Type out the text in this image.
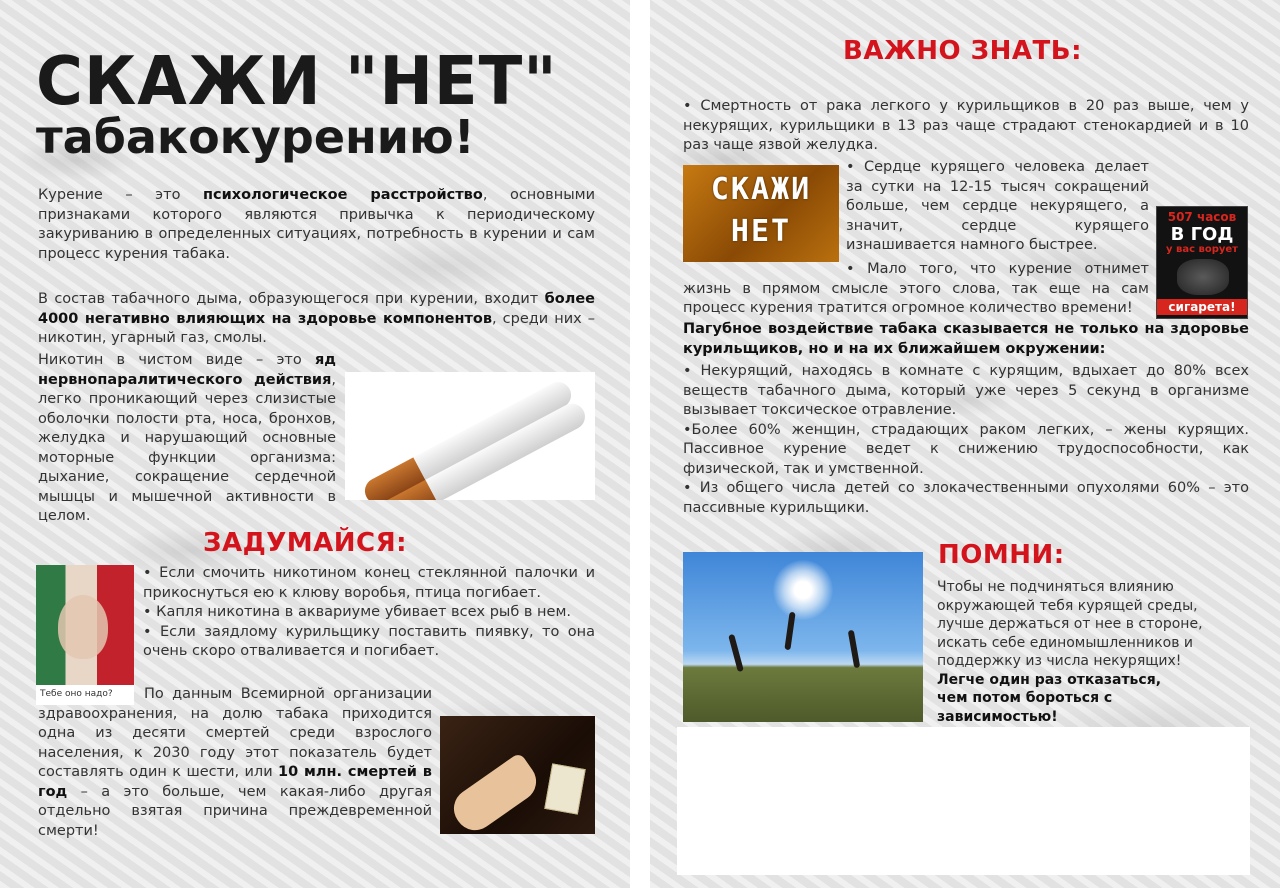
СКАЖИ "НЕТ"
табакокурению!
Курение – это психологическое расстройство, основными признаками которого являются привычка к периодическому закуриванию в определенных ситуациях, потребность в курении и сам процесс курения табака.
В состав табачного дыма, образующегося при курении, входит более 4000 негативно влияющих на здоровье компонентов, среди них – никотин, угарный газ, смолы.
Никотин в чистом виде – это яд нервнопаралитического действия, легко проникающий через слизистые оболочки полости рта, носа, бронхов, желудка и нарушающий основные моторные функции организма: дыхание, сокращение сердечной мышцы и мышечной активности в целом.
ЗАДУМАЙСЯ:
Тебе оно надо?
• Если смочить никотином конец стеклянной палочки и прикоснуться ею к клюву воробья, птица погибает.
• Капля никотина в аквариуме убивает всех рыб в нем.
• Если заядлому курильщику поставить пиявку, то она очень скоро отваливается и погибает.
По данным Всемирной организации здравоохранения, на долю табака приходится одна из десяти смертей среди взрослого населения, к 2030 году этот показатель будет составлять один к шести, или 10 млн. смертей в год – а это больше, чем какая-либо другая отдельно взятая причина преждевременной смерти!
ВАЖНО ЗНАТЬ:
• Смертность от рака легкого у курильщиков в 20 раз выше, чем у некурящих, курильщики в 13 раз чаще страдают стенокардией и в 10 раз чаще язвой желудка.
• Сердце курящего человека делает за сутки на 12-15 тысяч сокращений больше, чем сердце некурящего, а значит, сердце курящего изнашивается намного быстрее.
• Мало того, что курение отнимет жизнь в прямом смысле этого слова, так еще на сам процесс курения тратится огромное количество времени!
Пагубное воздействие табака сказывается не только на здоровье курильщиков, но и на их ближайшем окружении:
• Некурящий, находясь в комнате с курящим, вдыхает до 80% всех веществ табачного дыма, который уже через 5 секунд в организме вызывает токсическое отравление.
•Более 60% женщин, страдающих раком легких, – жены курящих. Пассивное курение ведет к снижению трудоспособности, как физической, так и умственной.
• Из общего числа детей со злокачественными опухолями 60% – это пассивные курильщики.
ПОМНИ:
Чтобы не подчиняться влиянию окружающей тебя курящей среды, лучше держаться от нее в стороне, искать себе единомышленников и поддержку из числа некурящих!
Легче один раз отказаться,
чем потом бороться с зависимостью!
СКАЖИ
НЕТ	507 часов
В ГОД
у вас ворует
сигарета!
